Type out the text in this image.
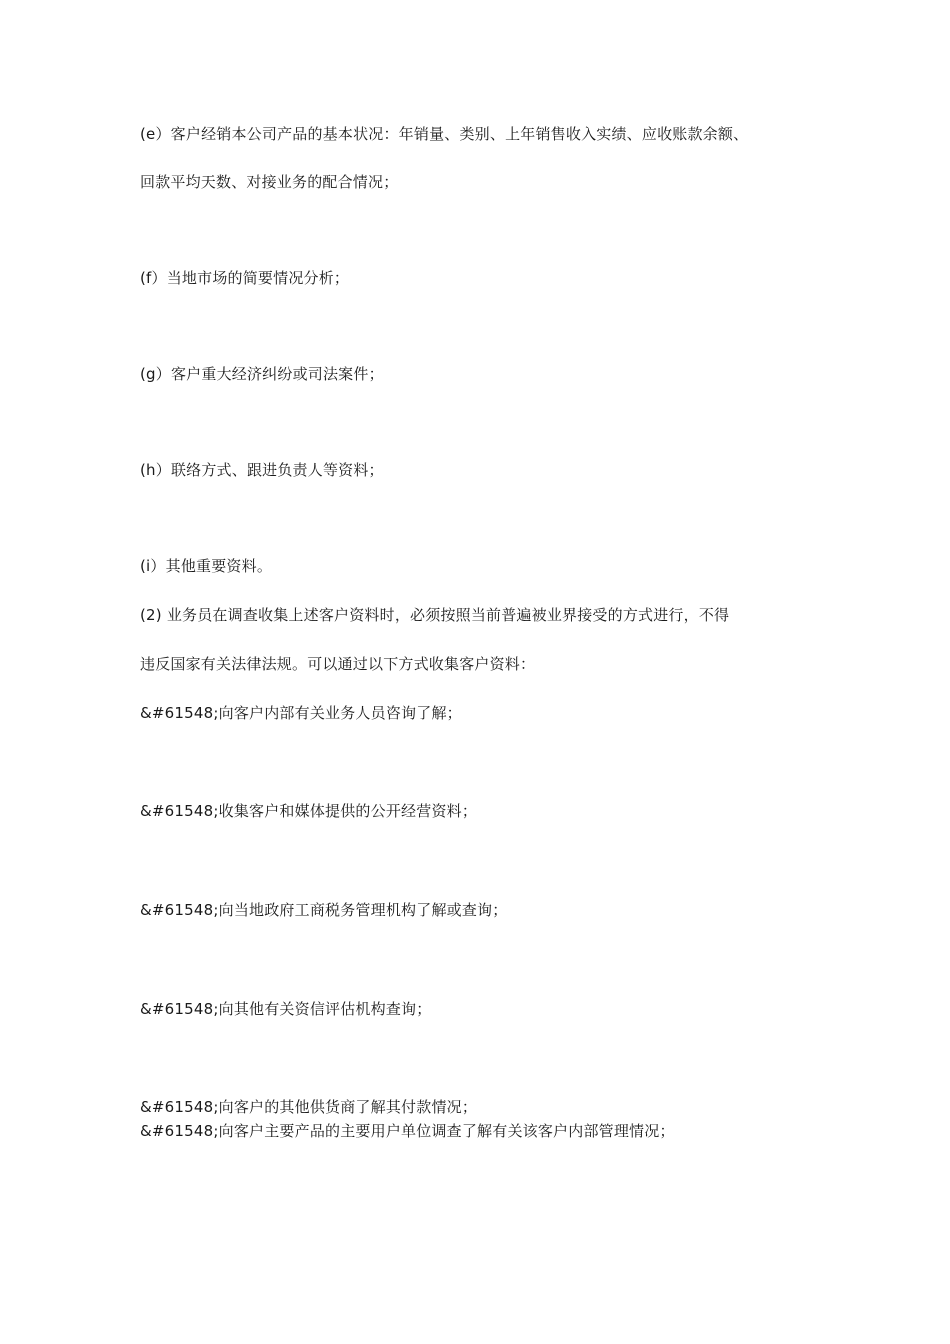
(e）客户经销本公司产品的基本状况：年销量、类别、上年销售收入实绩、应收账款余额、
回款平均天数、对接业务的配合情况；
(f）当地市场的简要情况分析；
(g）客户重大经济纠纷或司法案件；
(h）联络方式、跟进负责人等资料；
(i）其他重要资料。
(2) 业务员在调查收集上述客户资料时，必须按照当前普遍被业界接受的方式进行，不得
违反国家有关法律法规。可以通过以下方式收集客户资料：
&#61548;向客户内部有关业务人员咨询了解；
&#61548;收集客户和媒体提供的公开经营资料；
&#61548;向当地政府工商税务管理机构了解或查询；
&#61548;向其他有关资信评估机构查询；
&#61548;向客户的其他供货商了解其付款情况；
&#61548;向客户主要产品的主要用户单位调查了解有关该客户内部管理情况；
